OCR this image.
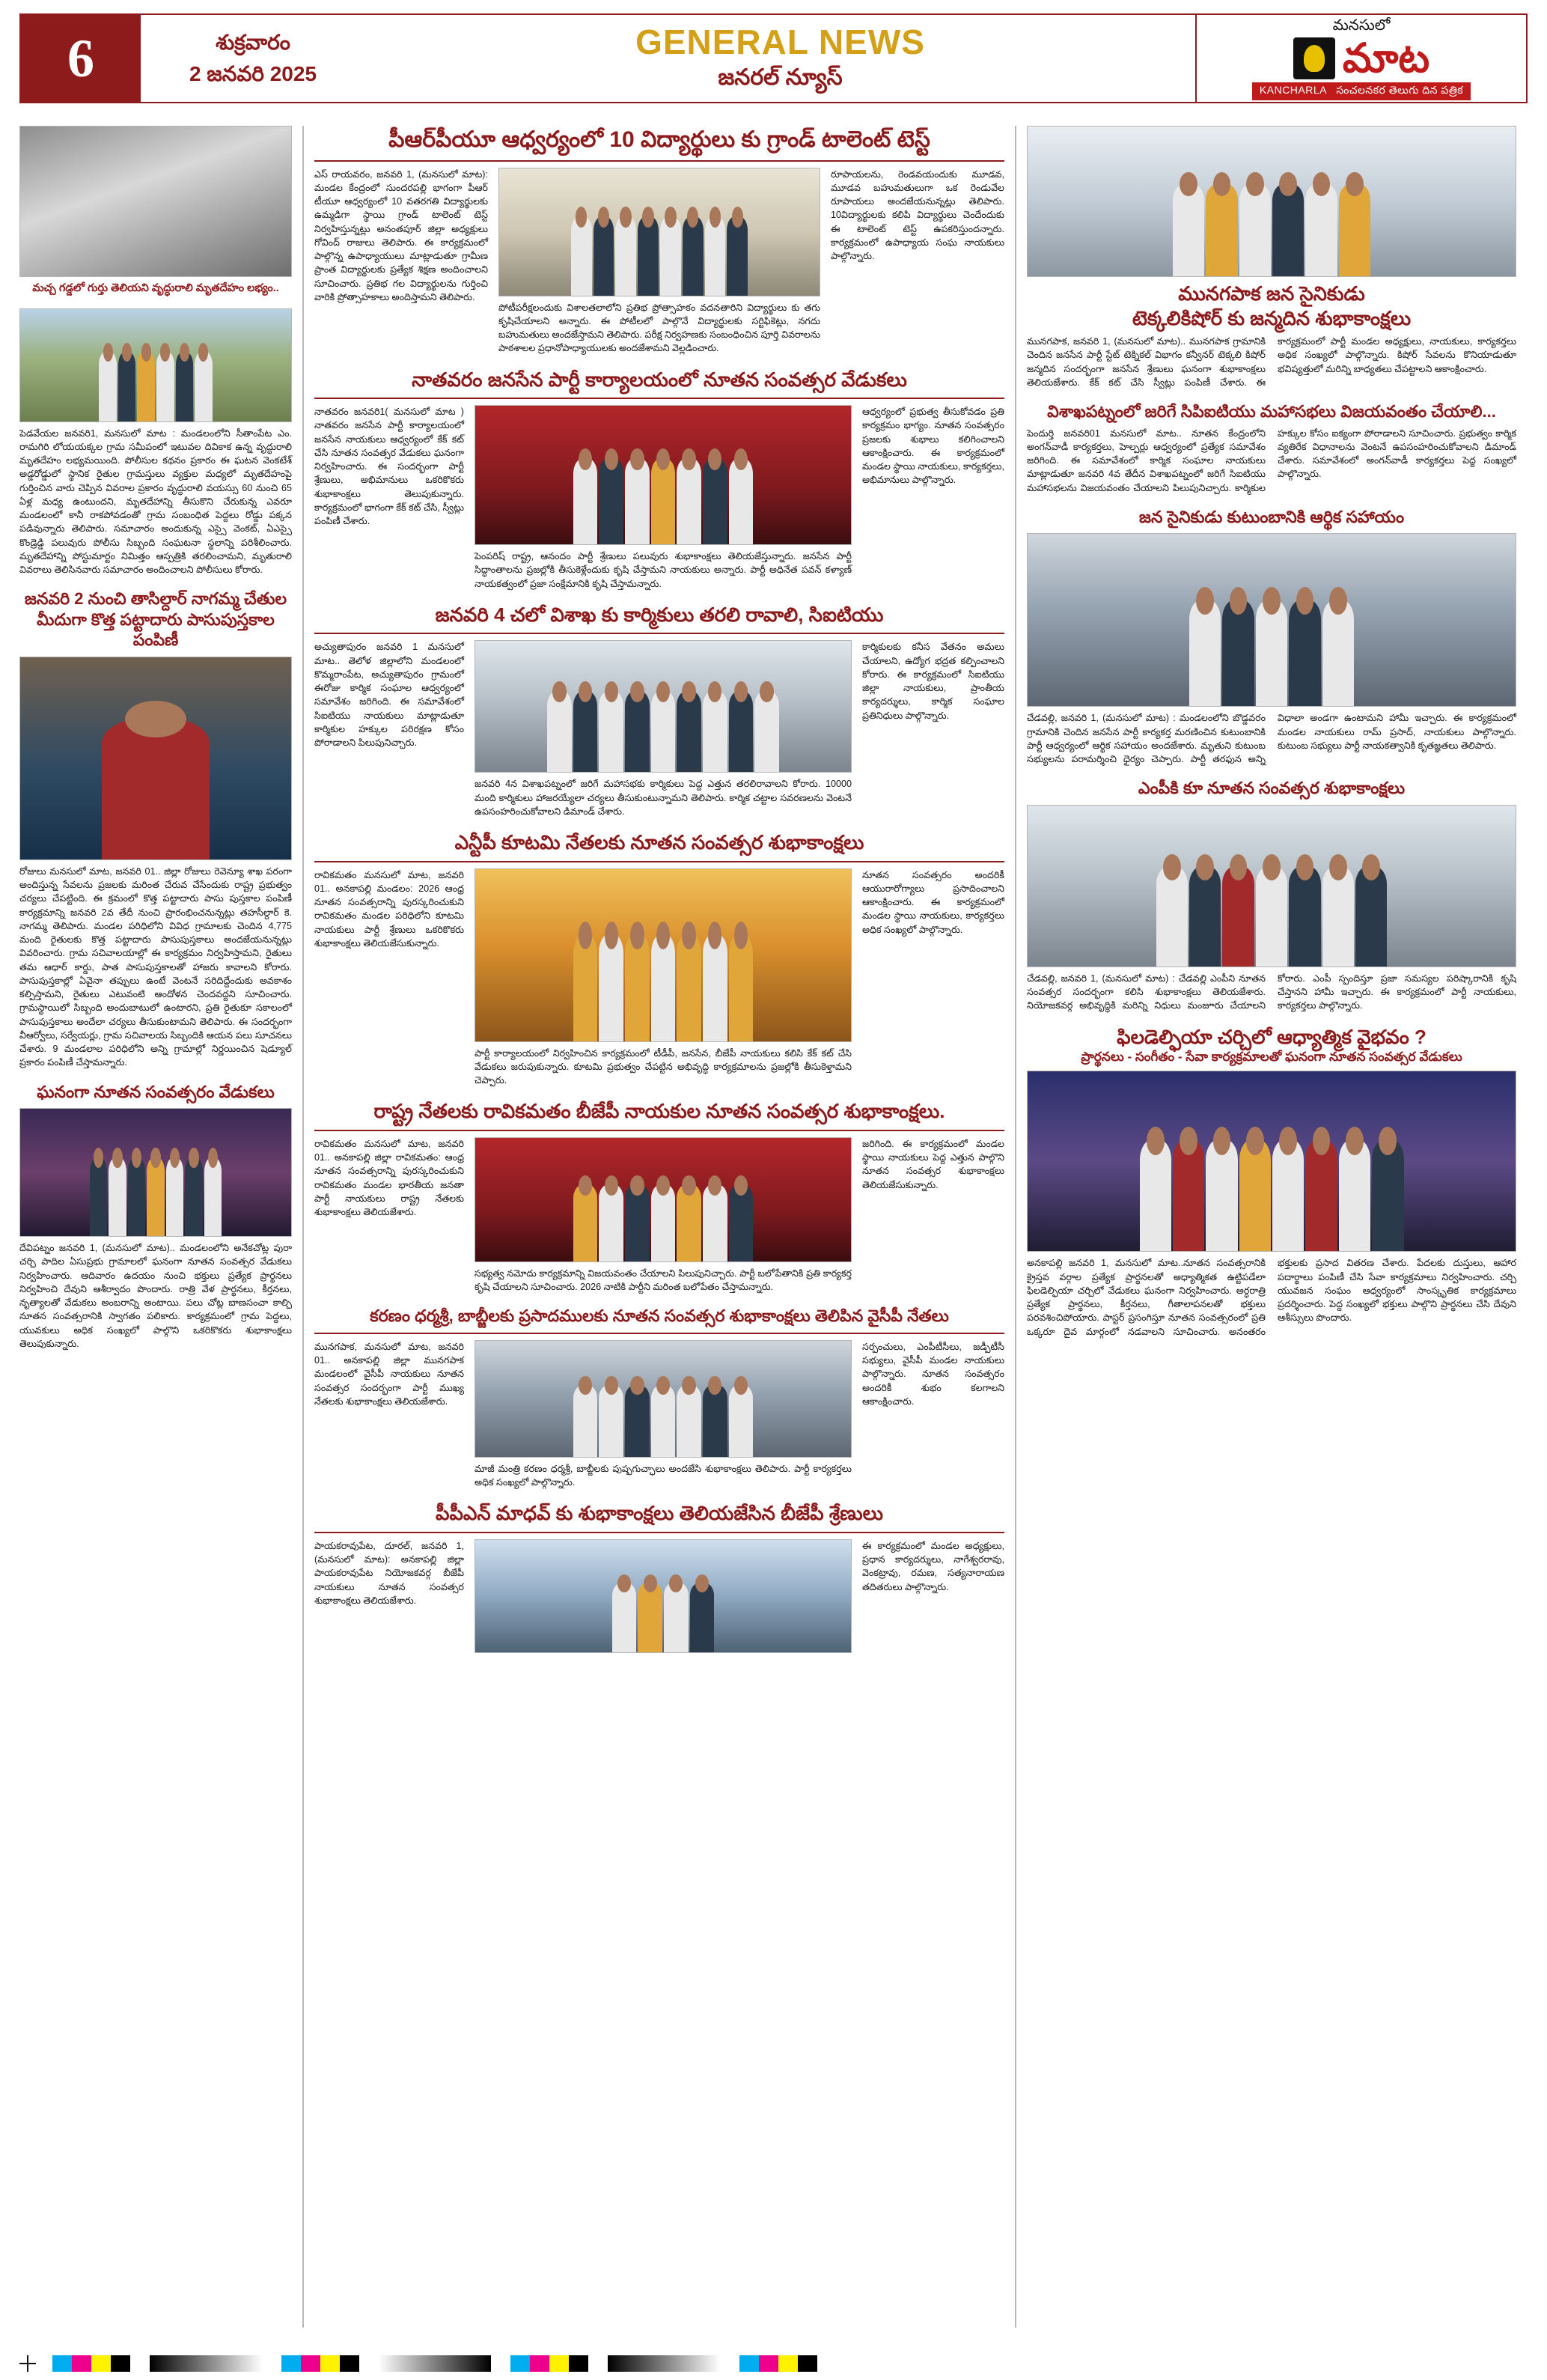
6	శుక్రవారం
2 జనవరి 2025
GENERAL NEWS
జనరల్ న్యూస్
మనసులో
మాట
KANCHARLA సంచలనకర తెలుగు దిన పత్రిక
మచ్చ గడ్డలో గుర్తు తెలియని వృద్ధురాలి మృతదేహం లభ్యం..
పెడవేయల జనవరి1, మనసులో మాట : మండలంలోని సీతాంపేట ఎం. రామగిరి లోయయక్కల గ్రామ సమీపంలో ఇటువల దివికాక ఉన్న వృద్ధురాలి మృతదేహం లభ్యమయింది. పోలీసుల కథనం ప్రకారం ఈ ఘటన వెంకటేశ్ అడ్డరోడ్డులో స్థానిక రైతుల గ్రామస్తులు వ్యక్తుల మధ్యలో మృతదేహంపై గుర్తించిన వారు చెప్పిన వివరాల ప్రకారం వృద్ధురాలి వయస్సు 60 నుంచి 65 ఏళ్ల మధ్య ఉంటుందని, మృతదేహాన్ని తీసుకొని చేరుకున్న ఎవరూ మండలంలో కానీ రాకపోవడంతో గ్రామ సంబంధిత పెద్దలు రోడ్డు పక్కన పడివున్నారు తెలిపారు. సమాచారం అందుకున్న ఎస్సై వెంకట్, ఏఎస్సై కొండ్రెడ్డి పలువురు పోలీసు సిబ్బంది సంఘటనా స్థలాన్ని పరిశీలించారు. మృతదేహాన్ని పోస్టుమార్టం నిమిత్తం ఆస్పత్రికి తరలించామని, మృతురాలి వివరాలు తెలిసినవారు సమాచారం అందించాలని పోలీసులు కోరారు.
జనవరి 2 నుంచి తాసిల్దార్ నాగమ్మ చేతుల మీదుగా కొత్త పట్టాదారు పాసుపుస్తకాల పంపిణీ
రోజులు మనసులో మాట, జనవరి 01.. జిల్లా రోజులు రెవెన్యూ శాఖ పరంగా అందిస్తున్న సేవలను ప్రజలకు మరింత చేరువ చేసేందుకు రాష్ట్ర ప్రభుత్వం చర్యలు చేపట్టింది. ఈ క్రమంలో కొత్త పట్టాదారు పాసు పుస్తకాల పంపిణీ కార్యక్రమాన్ని జనవరి 2వ తేదీ నుంచి ప్రారంభించనున్నట్లు తహసీల్దార్ కె. నాగమ్మ తెలిపారు. మండల పరిధిలోని వివిధ గ్రామాలకు చెందిన 4,775 మంది రైతులకు కొత్త పట్టాదారు పాసుపుస్తకాలు అందజేయనున్నట్లు వివరించారు. గ్రామ సచివాలయాల్లో ఈ కార్యక్రమం నిర్వహిస్తామని, రైతులు తమ ఆధార్ కార్డు, పాత పాసుపుస్తకాలతో హాజరు కావాలని కోరారు. పాసుపుస్తకాల్లో ఏవైనా తప్పులు ఉంటే వెంటనే సరిదిద్దేందుకు అవకాశం కల్పిస్తామని, రైతులు ఎటువంటి ఆందోళన చెందవద్దని సూచించారు. గ్రామస్థాయిలో సిబ్బంది అందుబాటులో ఉంటారని, ప్రతి రైతుకూ సకాలంలో పాసుపుస్తకాలు అందేలా చర్యలు తీసుకుంటామని తెలిపారు. ఈ సందర్భంగా వీఆర్వోలు, సర్వేయర్లు, గ్రామ సచివాలయ సిబ్బందికి ఆయన పలు సూచనలు చేశారు. 9 మండలాల పరిధిలోని అన్ని గ్రామాల్లో నిర్ణయించిన షెడ్యూల్ ప్రకారం పంపిణీ చేస్తామన్నారు.
ఘనంగా నూతన సంవత్సరం వేడుకలు
దేవిపట్నం జనవరి 1, (మనసులో మాట).. మండలంలోని అనేకచోట్ల పురా చర్చి పాదిల ఏసుప్రభు గ్రామాలలో ఘనంగా నూతన సంవత్సర వేడుకలు నిర్వహించారు. ఆదివారం ఉదయం నుంచి భక్తులు ప్రత్యేక ప్రార్థనలు నిర్వహించి దేవుని ఆశీర్వాదం పొందారు. రాత్రి వేళ ప్రార్థనలు, కీర్తనలు, నృత్యాలతో వేడుకలు అంబరాన్ని అంటాయి. పలు చోట్ల బాణసంచా కాల్చి నూతన సంవత్సరానికి స్వాగతం పలికారు. కార్యక్రమంలో గ్రామ పెద్దలు, యువకులు అధిక సంఖ్యలో పాల్గొని ఒకరికొకరు శుభాకాంక్షలు తెలుపుకున్నారు.
పీఆర్‌పీయూ ఆధ్వర్యంలో 10 విద్యార్థులు కు గ్రాండ్ టాలెంట్ టెస్ట్
ఎస్ రాయవరం, జనవరి 1, (మనసులో మాట): మండల కేంద్రంలో సుందరపల్లి భాగంగా పీఆర్ టీయూ ఆధ్వర్యంలో 10 వతరగతి విద్యార్థులకు ఉమ్మడిగా స్థాయి గ్రాండ్ టాలెంట్ టెస్ట్ నిర్వహిస్తున్నట్లు అనంతపూర్ జిల్లా అధ్యక్షులు గోవింద్ రాజులు తెలిపారు. ఈ కార్యక్రమంలో పాల్గొన్న ఉపాధ్యాయులు మాట్లాడుతూ గ్రామీణ ప్రాంత విద్యార్థులకు ప్రత్యేక శిక్షణ అందించాలని సూచించారు. ప్రతిభ గల విద్యార్థులను గుర్తించి వారికి ప్రోత్సాహకాలు అందిస్తామని తెలిపారు.
పోటీపరీక్షలందుకు విశాలతలాలోని ప్రతిభ ప్రోత్సాహకం వదనతారిని విద్యార్థులు కు తగు కృషిచేయాలని అన్నారు. ఈ పోటీలలో పాల్గొనే విద్యార్థులకు సర్టిఫికెట్లు, నగదు బహుమతులు అందజేస్తామని తెలిపారు. పరీక్ష నిర్వహణకు సంబంధించిన పూర్తి వివరాలను పాఠశాలల ప్రధానోపాధ్యాయులకు అందజేశామని వెల్లడించారు.
రూపాయలను, రెండవయందుకు మూడవ, మూడవ బహుమతులుగా ఒక రెండువేల రూపాయలు అందజేయనున్నట్లు తెలిపారు. 10విద్యార్థులకు కలిపి విద్యార్థులు చెందేందుకు ఈ టాలెంట్ టెస్ట్ ఉపకరిస్తుందన్నారు. కార్యక్రమంలో ఉపాధ్యాయ సంఘ నాయకులు పాల్గొన్నారు.
నాతవరం జనసేన పార్టీ కార్యాలయంలో నూతన సంవత్సర వేడుకలు
నాతవరం జనవరి1( మనసులో మాట ) నాతవరం జనసేన పార్టీ కార్యాలయంలో జనసేన నాయకులు ఆధ్వర్యంలో కేక్ కట్ చేసి నూతన సంవత్సర వేడుకలు ఘనంగా నిర్వహించారు. ఈ సందర్భంగా పార్టీ శ్రేణులు, అభిమానులు ఒకరికొకరు శుభాకాంక్షలు తెలుపుకున్నారు. కార్యక్రమంలో భాగంగా కేక్ కట్ చేసి, స్వీట్లు పంపిణీ చేశారు.
పెంపరిష్ రాష్ట్ర, ఆనందం పార్టీ శ్రేణులు పలువురు శుభాకాంక్షలు తెలియజేస్తున్నారు. జనసేన పార్టీ సిద్ధాంతాలను ప్రజల్లోకి తీసుకెళ్లేందుకు కృషి చేస్తామని నాయకులు అన్నారు. పార్టీ అధినేత పవన్ కళ్యాణ్ నాయకత్వంలో ప్రజా సంక్షేమానికి కృషి చేస్తామన్నారు.
ఆధ్వర్యంలో ప్రభుత్వ తీసుకోవడం ప్రతి కార్యక్రమం భాగ్యం. నూతన సంవత్సరం ప్రజలకు శుభాలు కలిగించాలని ఆకాంక్షించారు. ఈ కార్యక్రమంలో మండల స్థాయి నాయకులు, కార్యకర్తలు, అభిమానులు పాల్గొన్నారు.
జనవరి 4 చలో విశాఖ కు కార్మికులు తరలి రావాలి, సిఐటియు
అచ్యుతాపురం జనవరి 1 మనసులో మాట.. తెలోళ జిల్లాలోని మండలంలో కొమ్మరాంపేట, అచ్యుతాపురం గ్రామంలో ఈరోజు కార్మిక సంఘాల ఆధ్వర్యంలో సమావేశం జరిగింది. ఈ సమావేశంలో సిఐటియు నాయకులు మాట్లాడుతూ కార్మికుల హక్కుల పరిరక్షణ కోసం పోరాడాలని పిలుపునిచ్చారు.
జనవరి 4న విశాఖపట్నంలో జరిగే మహాసభకు కార్మికులు పెద్ద ఎత్తున తరలిరావాలని కోరారు. 10000 మంది కార్మికులు హాజరయ్యేలా చర్యలు తీసుకుంటున్నామని తెలిపారు. కార్మిక చట్టాల సవరణలను వెంటనే ఉపసంహరించుకోవాలని డిమాండ్ చేశారు.
కార్మికులకు కనీస వేతనం అమలు చేయాలని, ఉద్యోగ భద్రత కల్పించాలని కోరారు. ఈ కార్యక్రమంలో సిఐటియు జిల్లా నాయకులు, ప్రాంతీయ కార్యదర్శులు, కార్మిక సంఘాల ప్రతినిధులు పాల్గొన్నారు.
ఎన్టీపీ కూటమి నేతలకు నూతన సంవత్సర శుభాకాంక్షలు
రావికమతం మనసులో మాట, జనవరి 01.. అనకాపల్లి మండలం: 2026 ఆంధ్ర నూతన సంవత్సరాన్ని పురస్కరించుకుని రావికమతం మండల పరిధిలోని కూటమి నాయకులు పార్టీ శ్రేణులు ఒకరికొకరు శుభాకాంక్షలు తెలియజేసుకున్నారు.
పార్టీ కార్యాలయంలో నిర్వహించిన కార్యక్రమంలో టీడీపీ, జనసేన, బీజేపీ నాయకులు కలిసి కేక్ కట్ చేసి వేడుకలు జరుపుకున్నారు. కూటమి ప్రభుత్వం చేపట్టిన అభివృద్ధి కార్యక్రమాలను ప్రజల్లోకి తీసుకెళ్తామని చెప్పారు.
నూతన సంవత్సరం అందరికీ ఆయురారోగ్యాలు ప్రసాదించాలని ఆకాంక్షించారు. ఈ కార్యక్రమంలో మండల స్థాయి నాయకులు, కార్యకర్తలు అధిక సంఖ్యలో పాల్గొన్నారు.
రాష్ట్ర నేతలకు రావికమతం బీజేపీ నాయకుల నూతన సంవత్సర శుభాకాంక్షలు.
రావికమతం మనసులో మాట, జనవరి 01.. అనకాపల్లి జిల్లా రావికమతం: ఆంధ్ర నూతన సంవత్సరాన్ని పురస్కరించుకుని రావికమతం మండల భారతీయ జనతా పార్టీ నాయకులు రాష్ట్ర నేతలకు శుభాకాంక్షలు తెలియజేశారు.
సభ్యత్వ నమోదు కార్యక్రమాన్ని విజయవంతం చేయాలని పిలుపునిచ్చారు. పార్టీ బలోపేతానికి ప్రతి కార్యకర్త కృషి చేయాలని సూచించారు. 2026 నాటికి పార్టీని మరింత బలోపేతం చేస్తామన్నారు.
జరిగింది. ఈ కార్యక్రమంలో మండల స్థాయి నాయకులు పెద్ద ఎత్తున పాల్గొని నూతన సంవత్సర శుభాకాంక్షలు తెలియజేసుకున్నారు.
కరణం ధర్మశ్రీ, బాబ్జీలకు ప్రసాదములకు నూతన సంవత్సర శుభాకాంక్షలు తెలిపిన వైసీపీ నేతలు
మునగపాక, మనసులో మాట, జనవరి 01.. అనకాపల్లి జిల్లా మునగపాక మండలంలో వైసీపీ నాయకులు నూతన సంవత్సర సందర్భంగా పార్టీ ముఖ్య నేతలకు శుభాకాంక్షలు తెలియజేశారు.
మాజీ మంత్రి కరణం ధర్మశ్రీ, బాబ్జీలకు పుష్పగుచ్ఛాలు అందజేసి శుభాకాంక్షలు తెలిపారు. పార్టీ కార్యకర్తలు అధిక సంఖ్యలో పాల్గొన్నారు.
సర్పంచులు, ఎంపీటీసీలు, జడ్పీటీసీ సభ్యులు, వైసీపీ మండల నాయకులు పాల్గొన్నారు. నూతన సంవత్సరం అందరికీ శుభం కలగాలని ఆకాంక్షించారు.
పీపీఎన్ మాధవ్ కు శుభాకాంక్షలు తెలియజేసిన బీజేపీ శ్రేణులు
పాయకరావుపేట, దూరల్, జనవరి 1, (మనసులో మాట): అనకాపల్లి జిల్లా పాయకరావుపేట నియోజకవర్గ బీజేపీ నాయకులు నూతన సంవత్సర శుభాకాంక్షలు తెలియజేశారు.
ఈ కార్యక్రమంలో మండల అధ్యక్షులు, ప్రధాన కార్యదర్శులు, నాగేశ్వరరావు, వెంకట్రావు, రమణ, సత్యనారాయణ తదితరులు పాల్గొన్నారు.
మునగపాక జన సైనికుడు
టెక్కలికిషోర్ కు జన్మదిన శుభాకాంక్షలు
మునగపాక, జనవరి 1, (మనసులో మాట).. మునగపాక గ్రామానికి చెందిన జనసేన పార్టీ స్టేట్ టెక్నికల్ విభాగం కన్వీనర్ టెక్కలి కిషోర్ జన్మదిన సందర్భంగా జనసేన శ్రేణులు ఘనంగా శుభాకాంక్షలు తెలియజేశారు. కేక్ కట్ చేసి స్వీట్లు పంపిణీ చేశారు. ఈ కార్యక్రమంలో పార్టీ మండల అధ్యక్షులు, నాయకులు, కార్యకర్తలు అధిక సంఖ్యలో పాల్గొన్నారు. కిషోర్ సేవలను కొనియాడుతూ భవిష్యత్తులో మరిన్ని బాధ్యతలు చేపట్టాలని ఆకాంక్షించారు.
విశాఖపట్నంలో జరిగే సిపిఐటియు మహాసభలు విజయవంతం చేయాలి...
పెందుర్తి జనవరి01 మనసులో మాట.. నూతన కేంద్రంలోని అంగన్‌వాడీ కార్యకర్తలు, హెల్పర్లు ఆధ్వర్యంలో ప్రత్యేక సమావేశం జరిగింది. ఈ సమావేశంలో కార్మిక సంఘాల నాయకులు మాట్లాడుతూ జనవరి 4వ తేదీన విశాఖపట్నంలో జరిగే సిఐటియు మహాసభలను విజయవంతం చేయాలని పిలుపునిచ్చారు. కార్మికుల హక్కుల కోసం ఐక్యంగా పోరాడాలని సూచించారు. ప్రభుత్వం కార్మిక వ్యతిరేక విధానాలను వెంటనే ఉపసంహరించుకోవాలని డిమాండ్ చేశారు. సమావేశంలో అంగన్‌వాడీ కార్యకర్తలు పెద్ద సంఖ్యలో పాల్గొన్నారు.
జన సైనికుడు కుటుంబానికి ఆర్థిక సహాయం
చేడవల్లి, జనవరి 1, (మనసులో మాట) : మండలంలోని బొడ్డవరం గ్రామానికి చెందిన జనసేన పార్టీ కార్యకర్త మరణించిన కుటుంబానికి పార్టీ ఆధ్వర్యంలో ఆర్థిక సహాయం అందజేశారు. మృతుని కుటుంబ సభ్యులను పరామర్శించి ధైర్యం చెప్పారు. పార్టీ తరఫున అన్ని విధాలా అండగా ఉంటామని హామీ ఇచ్చారు. ఈ కార్యక్రమంలో మండల నాయకులు రామ్ ప్రసాద్, నాయకులు పాల్గొన్నారు. కుటుంబ సభ్యులు పార్టీ నాయకత్వానికి కృతజ్ఞతలు తెలిపారు.
ఎంపీకి కూ నూతన సంవత్సర శుభాకాంక్షలు
చేడవల్లి, జనవరి 1, (మనసులో మాట) : చేడవల్లి ఎంపీని నూతన సంవత్సర సందర్భంగా కలిసి శుభాకాంక్షలు తెలియజేశారు. నియోజకవర్గ అభివృద్ధికి మరిన్ని నిధులు మంజూరు చేయాలని కోరారు. ఎంపీ స్పందిస్తూ ప్రజా సమస్యల పరిష్కారానికి కృషి చేస్తానని హామీ ఇచ్చారు. ఈ కార్యక్రమంలో పార్టీ నాయకులు, కార్యకర్తలు పాల్గొన్నారు.
ఫిలడెల్ఫియా చర్చిలో ఆధ్యాత్మిక వైభవం ?
ప్రార్థనలు - సంగీతం - సేవా కార్యక్రమాలతో ఘనంగా నూతన సంవత్సర వేడుకలు
అనకాపల్లి జనవరి 1, మనసులో మాట..నూతన సంవత్సరానికి క్రైస్తవ వర్గాల ప్రత్యేక ప్రార్థనలతో అధ్యాత్మికత ఉట్టిపడేలా ఫిలడెల్ఫియా చర్చిలో వేడుకలు ఘనంగా నిర్వహించారు. అర్ధరాత్రి ప్రత్యేక ప్రార్థనలు, కీర్తనలు, గీతాలాపనలతో భక్తులు పరవశించిపోయారు. పాస్టర్ ప్రసంగిస్తూ నూతన సంవత్సరంలో ప్రతి ఒక్కరూ దైవ మార్గంలో నడవాలని సూచించారు. అనంతరం భక్తులకు ప్రసాద వితరణ చేశారు. పేదలకు దుస్తులు, ఆహార పదార్థాలు పంపిణీ చేసి సేవా కార్యక్రమాలు నిర్వహించారు. చర్చి యువజన సంఘం ఆధ్వర్యంలో సాంస్కృతిక కార్యక్రమాలు ప్రదర్శించారు. పెద్ద సంఖ్యలో భక్తులు పాల్గొని ప్రార్థనలు చేసి దేవుని ఆశీస్సులు పొందారు.
